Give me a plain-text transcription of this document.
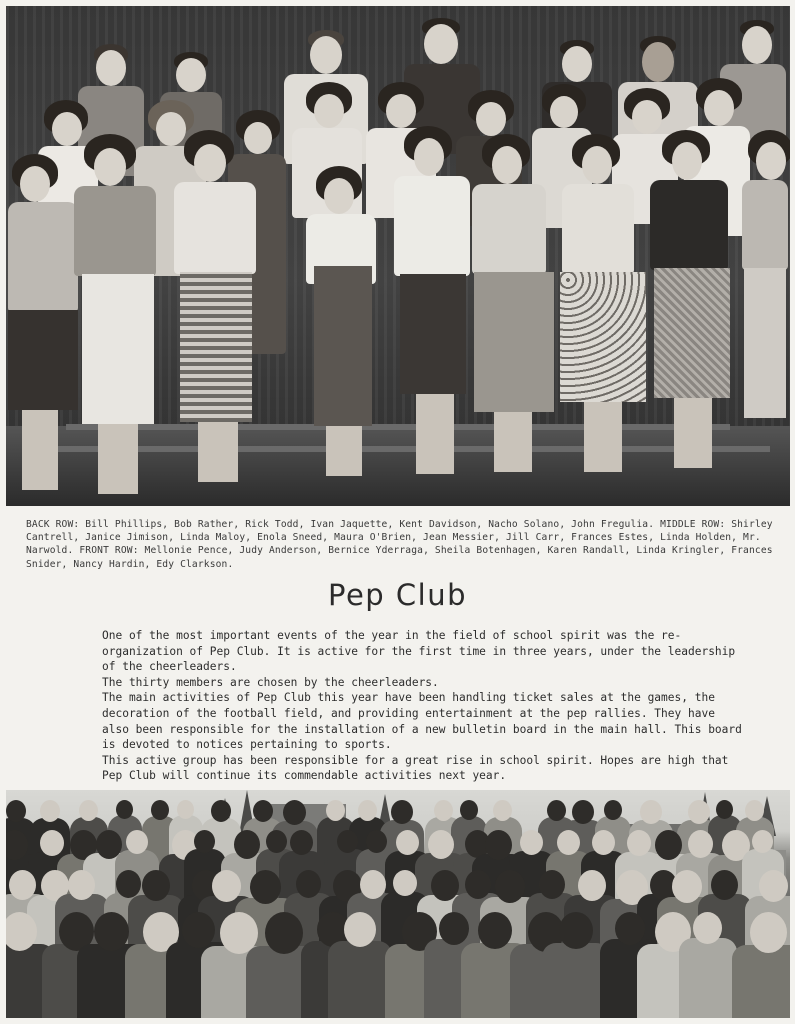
BACK ROW: Bill Phillips, Bob Rather, Rick Todd, Ivan Jaquette, Kent Davidson, Nacho Solano, John Fregulia. MIDDLE ROW: Shirley Cantrell, Janice Jimison, Linda Maloy, Enola Sneed, Maura O'Brien, Jean Messier, Jill Carr, Frances Estes, Linda Holden, Mr. Narwold. FRONT ROW: Mellonie Pence, Judy Anderson, Bernice Yderraga, Sheila Botenhagen, Karen Randall, Linda Kringler, Frances Snider, Nancy Hardin, Edy Clarkson.
Pep Club

One of the most important events of the year in the field of school spirit was the re-organization of Pep Club. It is active for the first time in three years, under the leadership of the cheerleaders.

The thirty members are chosen by the cheerleaders.

The main activities of Pep Club this year have been handling ticket sales at the games, the decoration of the football field, and providing entertainment at the pep rallies. They have also been responsible for the installation of a new bulletin board in the main hall. This board is devoted to notices pertaining to sports.

This active group has been responsible for a great rise in school spirit. Hopes are high that Pep Club will continue its commendable activities next year.
